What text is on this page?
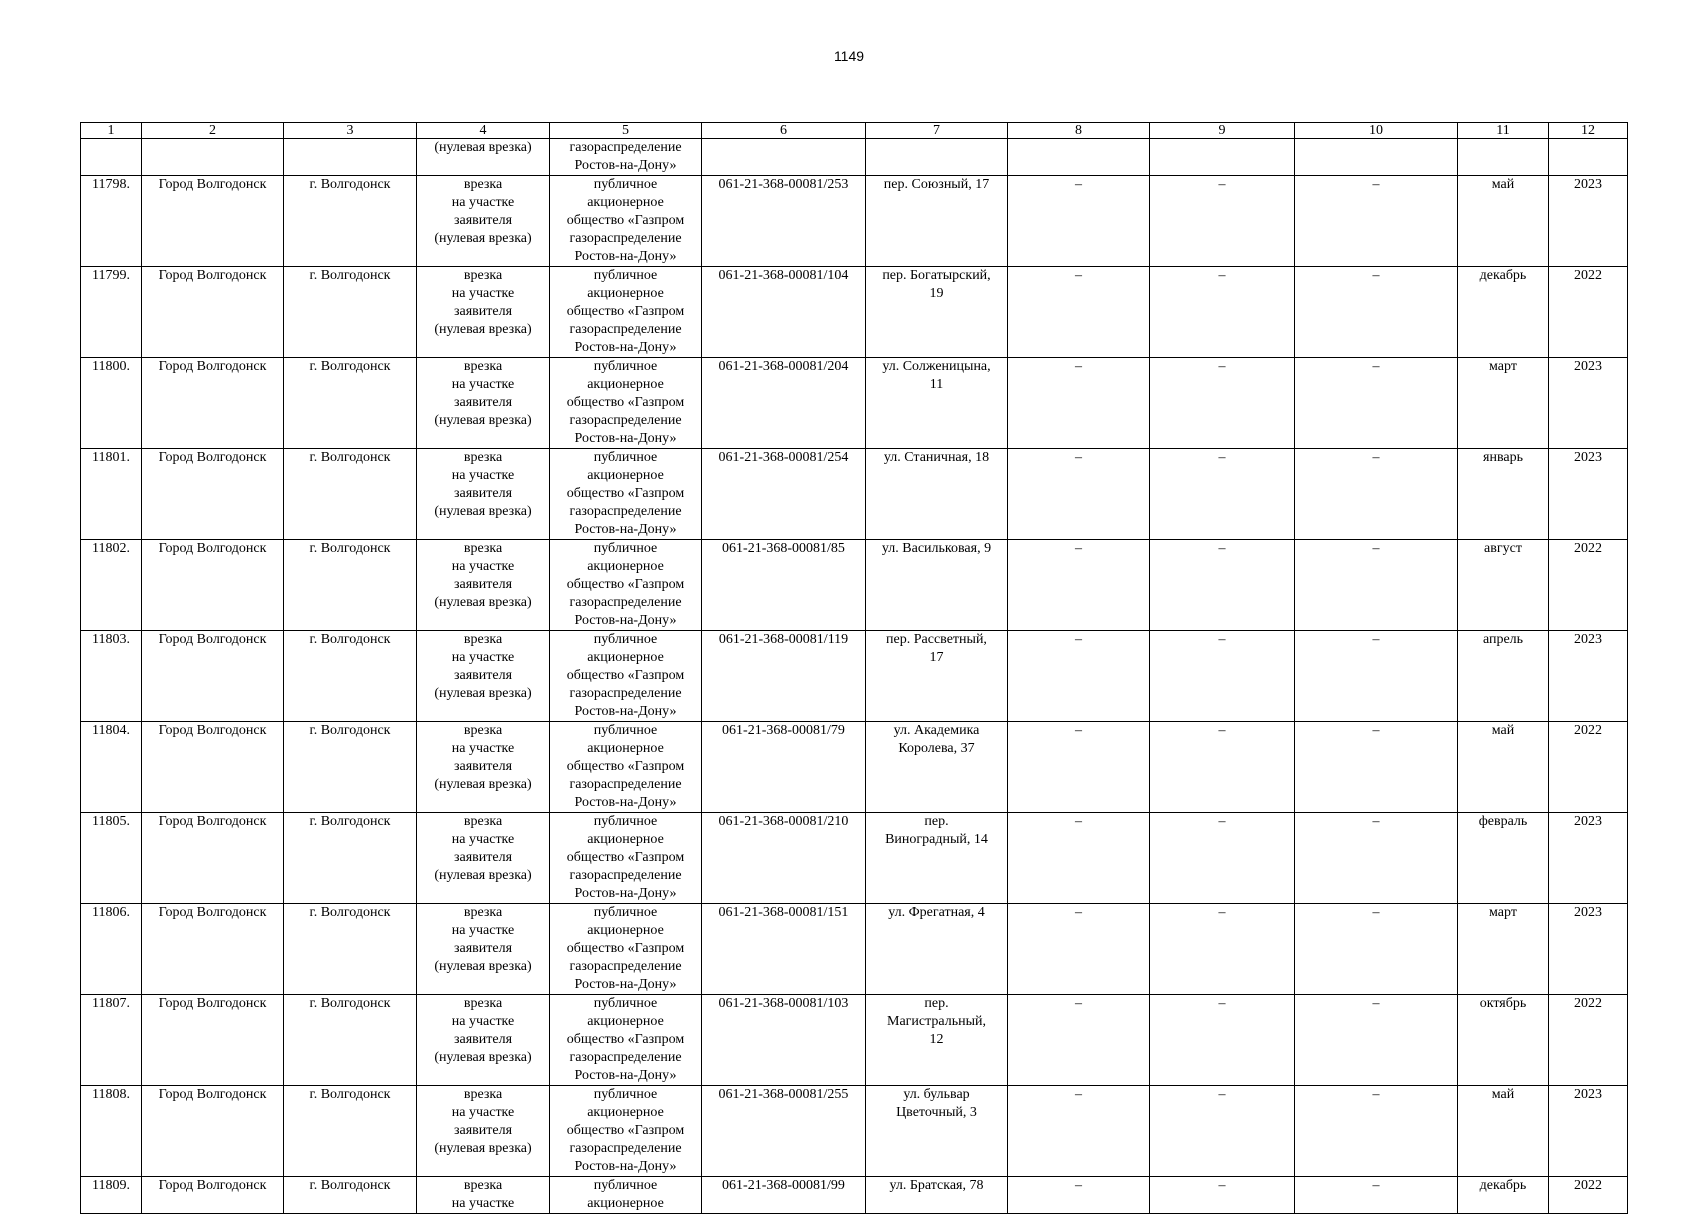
1149
1	2	3	4	5	6	7	8	9	10	11	12
			(нулевая врезка)	газораспределение
Ростов-на-Дону»							
11798.	Город Волгодонск	г. Волгодонск	врезка
на участке
заявителя
(нулевая врезка)	публичное
акционерное
общество «Газпром
газораспределение
Ростов-на-Дону»	061-21-368-00081/253	пер. Союзный, 17	–	–	–	май	2023
11799.	Город Волгодонск	г. Волгодонск	врезка
на участке
заявителя
(нулевая врезка)	публичное
акционерное
общество «Газпром
газораспределение
Ростов-на-Дону»	061-21-368-00081/104	пер. Богатырский,
19	–	–	–	декабрь	2022
11800.	Город Волгодонск	г. Волгодонск	врезка
на участке
заявителя
(нулевая врезка)	публичное
акционерное
общество «Газпром
газораспределение
Ростов-на-Дону»	061-21-368-00081/204	ул. Солженицына,
11	–	–	–	март	2023
11801.	Город Волгодонск	г. Волгодонск	врезка
на участке
заявителя
(нулевая врезка)	публичное
акционерное
общество «Газпром
газораспределение
Ростов-на-Дону»	061-21-368-00081/254	ул. Станичная, 18	–	–	–	январь	2023
11802.	Город Волгодонск	г. Волгодонск	врезка
на участке
заявителя
(нулевая врезка)	публичное
акционерное
общество «Газпром
газораспределение
Ростов-на-Дону»	061-21-368-00081/85	ул. Васильковая, 9	–	–	–	август	2022
11803.	Город Волгодонск	г. Волгодонск	врезка
на участке
заявителя
(нулевая врезка)	публичное
акционерное
общество «Газпром
газораспределение
Ростов-на-Дону»	061-21-368-00081/119	пер. Рассветный,
17	–	–	–	апрель	2023
11804.	Город Волгодонск	г. Волгодонск	врезка
на участке
заявителя
(нулевая врезка)	публичное
акционерное
общество «Газпром
газораспределение
Ростов-на-Дону»	061-21-368-00081/79	ул. Академика
Королева, 37	–	–	–	май	2022
11805.	Город Волгодонск	г. Волгодонск	врезка
на участке
заявителя
(нулевая врезка)	публичное
акционерное
общество «Газпром
газораспределение
Ростов-на-Дону»	061-21-368-00081/210	пер.
Виноградный, 14	–	–	–	февраль	2023
11806.	Город Волгодонск	г. Волгодонск	врезка
на участке
заявителя
(нулевая врезка)	публичное
акционерное
общество «Газпром
газораспределение
Ростов-на-Дону»	061-21-368-00081/151	ул. Фрегатная, 4	–	–	–	март	2023
11807.	Город Волгодонск	г. Волгодонск	врезка
на участке
заявителя
(нулевая врезка)	публичное
акционерное
общество «Газпром
газораспределение
Ростов-на-Дону»	061-21-368-00081/103	пер.
Магистральный,
12	–	–	–	октябрь	2022
11808.	Город Волгодонск	г. Волгодонск	врезка
на участке
заявителя
(нулевая врезка)	публичное
акционерное
общество «Газпром
газораспределение
Ростов-на-Дону»	061-21-368-00081/255	ул. бульвар
Цветочный, 3	–	–	–	май	2023
11809.	Город Волгодонск	г. Волгодонск	врезка
на участке	публичное
акционерное	061-21-368-00081/99	ул. Братская, 78	–	–	–	декабрь	2022
